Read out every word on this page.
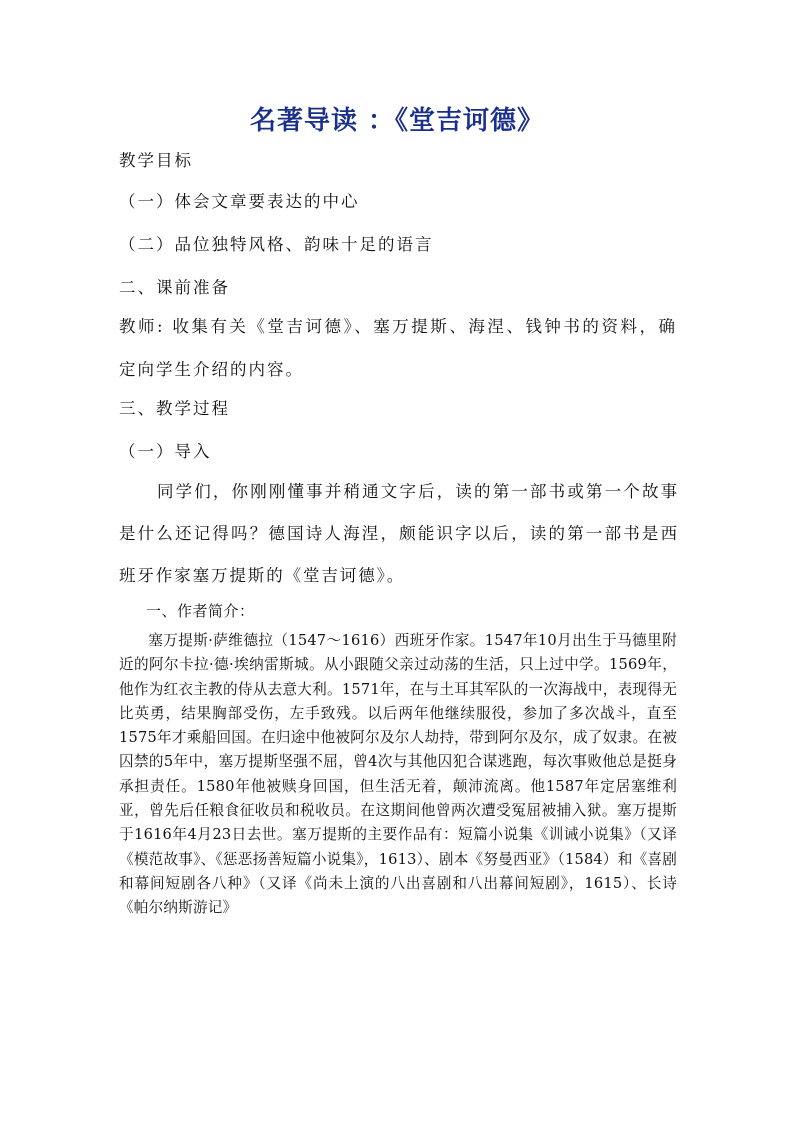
名著导读 ：《堂吉诃德》
教学目标
（一）体会文章要表达的中心
（二）品位独特风格、韵味十足的语言
二、课前准备
教师: 收集有关《堂吉诃德》、塞万提斯、海涅、钱钟书的资料，确定向学生介绍的内容。
三、教学过程
（一）导入
同学们，你刚刚懂事并稍通文字后，读的第一部书或第一个故事是什么还记得吗？德国诗人海涅，颇能识字以后，读的第一部书是西班牙作家塞万提斯的《堂吉诃德》。
一、作者简介：
塞万提斯·萨维德拉（1547～1616）西班牙作家。1547年10月出生于马德里附近的阿尔卡拉·德·埃纳雷斯城。从小跟随父亲过动荡的生活，只上过中学。1569年，他作为红衣主教的侍从去意大利。1571年，在与土耳其军队的一次海战中，表现得无比英勇，结果胸部受伤，左手致残。以后两年他继续服役，参加了多次战斗，直至1575年才乘船回国。在归途中他被阿尔及尔人劫持，带到阿尔及尔，成了奴隶。在被囚禁的5年中，塞万提斯坚强不屈，曾4次与其他囚犯合谋逃跑，每次事败他总是挺身承担责任。1580年他被赎身回国，但生活无着，颠沛流离。他1587年定居塞维利亚，曾先后任粮食征收员和税收员。在这期间他曾两次遭受冤屈被捕入狱。塞万提斯于1616年4月23日去世。塞万提斯的主要作品有：短篇小说集《训诫小说集》（又译《模范故事》、《惩恶扬善短篇小说集》，1613）、剧本《努曼西亚》（1584）和《喜剧和幕间短剧各八种》（又译《尚未上演的八出喜剧和八出幕间短剧》，1615）、长诗《帕尔纳斯游记》
